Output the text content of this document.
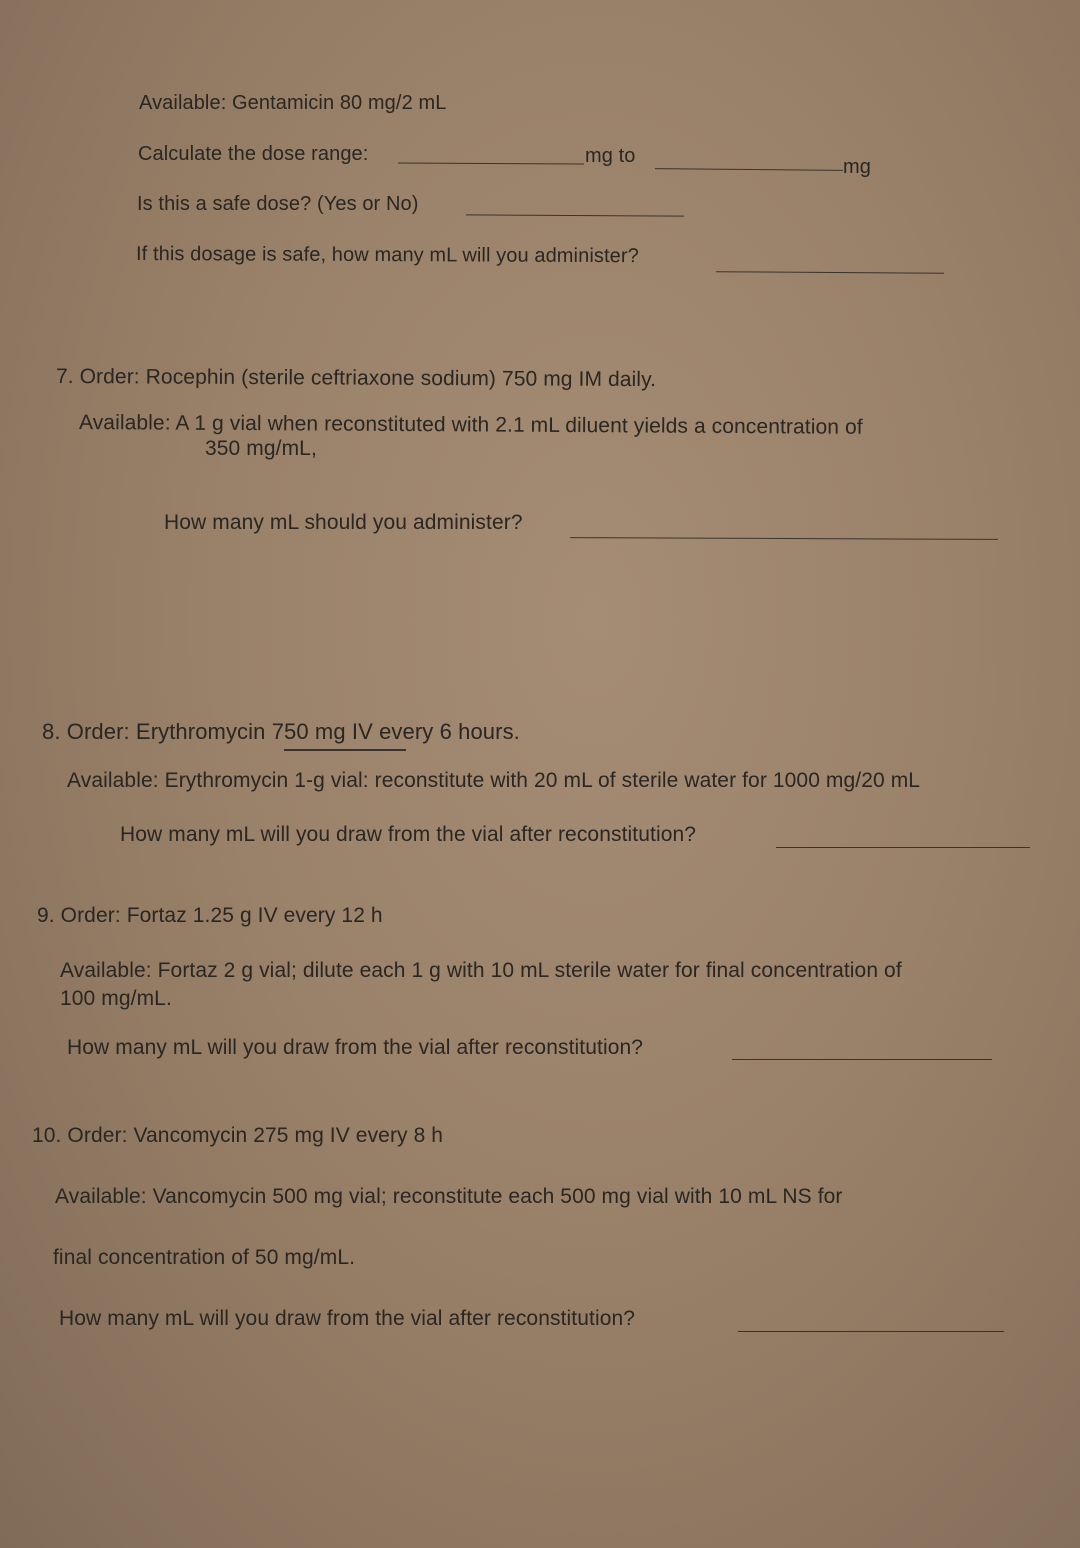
Available: Gentamicin 80 mg/2 mL
Calculate the dose range:	mg to	mg
Is this a safe dose? (Yes or No)
If this dosage is safe, how many mL will you administer?
7. Order: Rocephin (sterile ceftriaxone sodium) 750 mg IM daily.
Available: A 1 g vial when reconstituted with 2.1 mL diluent yields a concentration of
350 mg/mL,
How many mL should you administer?
8. Order: Erythromycin 750 mg IV every 6 hours.
Available: Erythromycin 1-g vial: reconstitute with 20 mL of sterile water for 1000 mg/20 mL
How many mL will you draw from the vial after reconstitution?
9. Order: Fortaz 1.25 g IV every 12 h
Available: Fortaz 2 g vial; dilute each 1 g with 10 mL sterile water for final concentration of
100 mg/mL.
How many mL will you draw from the vial after reconstitution?
10. Order: Vancomycin 275 mg IV every 8 h
Available: Vancomycin 500 mg vial; reconstitute each 500 mg vial with 10 mL NS for
final concentration of 50 mg/mL.
How many mL will you draw from the vial after reconstitution?
